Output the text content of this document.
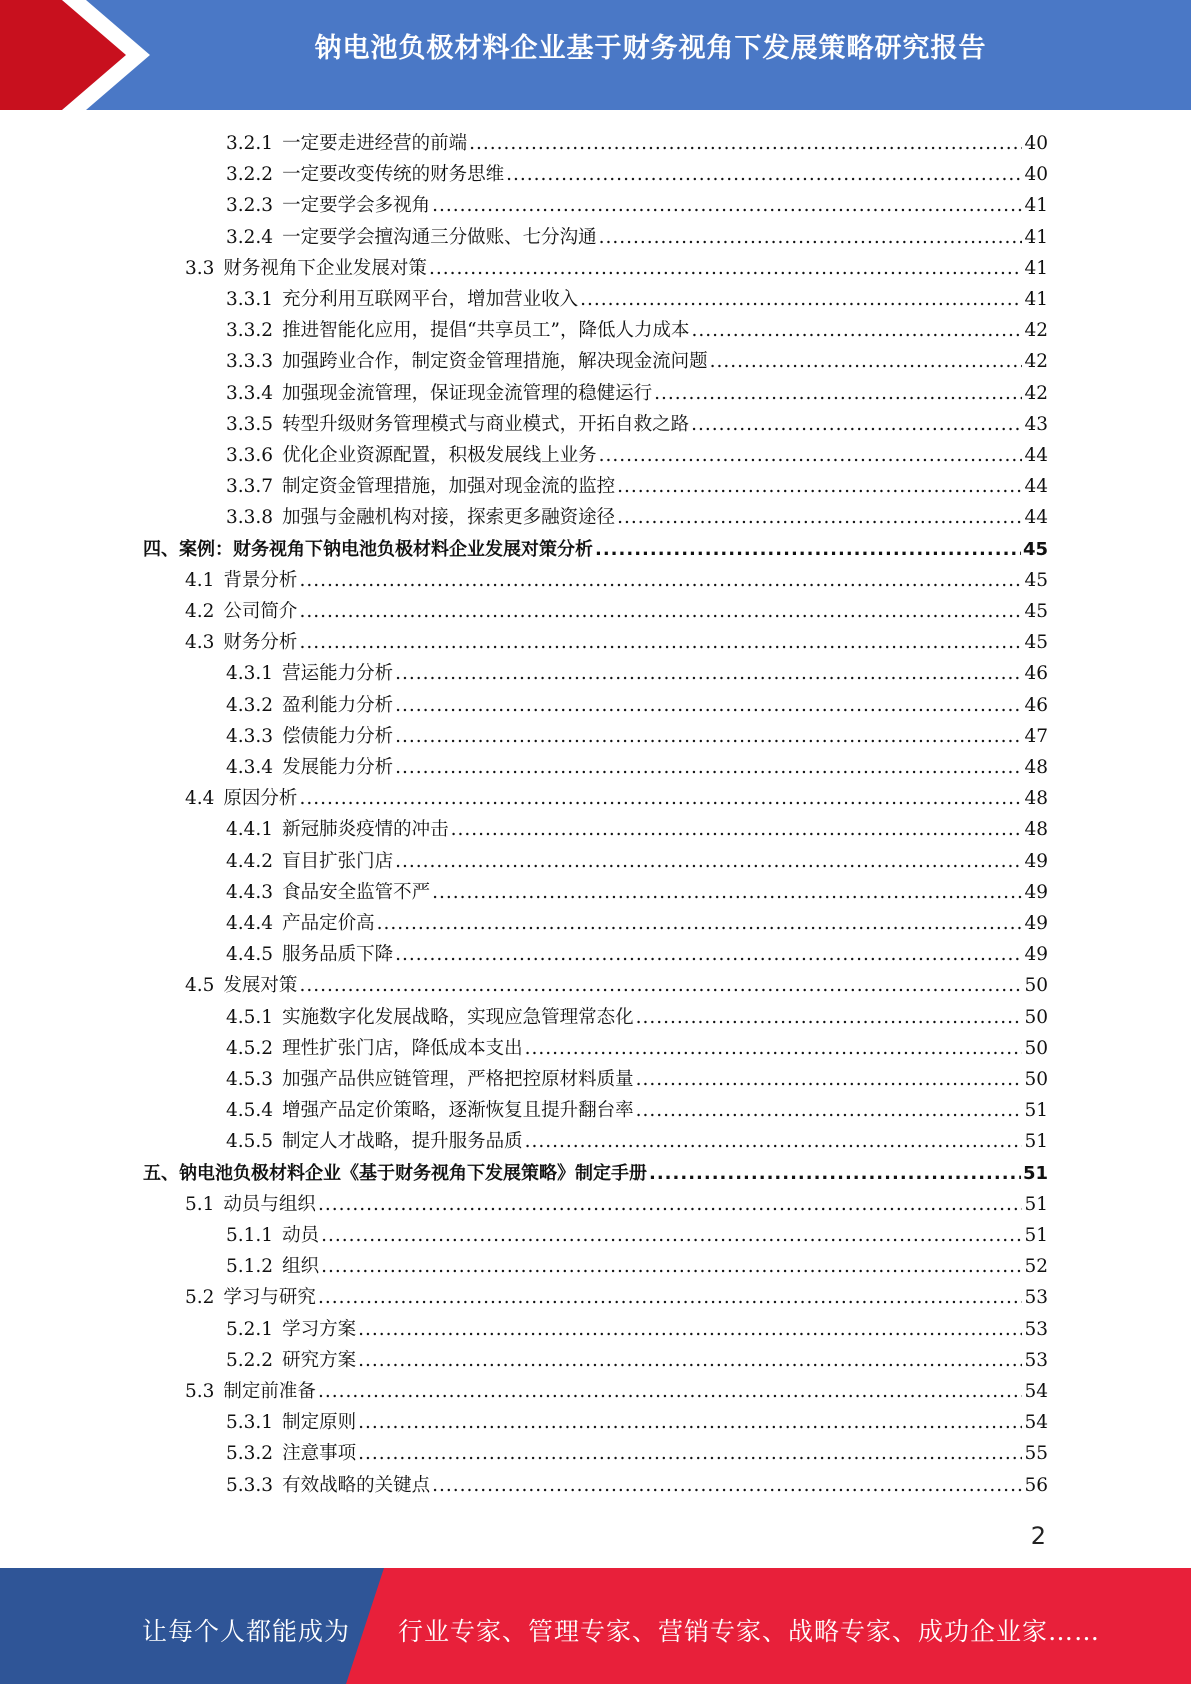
钠电池负极材料企业基于财务视角下发展策略研究报告
3.2.1 一定要走进经营的前端 .....	40
3.2.2 一定要改变传统的财务思维 .....	40
3.2.3 一定要学会多视角 .....	41
3.2.4 一定要学会擅沟通三分做账、七分沟通 .....	41
3.3 财务视角下企业发展对策 .....	41
3.3.1 充分利用互联网平台，增加营业收入 .....	41
3.3.2 推进智能化应用，提倡“共享员工”，降低人力成本 .....	42
3.3.3 加强跨业合作，制定资金管理措施，解决现金流问题 .....	42
3.3.4 加强现金流管理，保证现金流管理的稳健运行 .....	42
3.3.5 转型升级财务管理模式与商业模式，开拓自救之路 .....	43
3.3.6 优化企业资源配置，积极发展线上业务 .....	44
3.3.7 制定资金管理措施，加强对现金流的监控 .....	44
3.3.8 加强与金融机构对接，探索更多融资途径 .....	44
四、案例：财务视角下钠电池负极材料企业发展对策分析 .....	45
4.1 背景分析 .....	45
4.2 公司简介 .....	45
4.3 财务分析 .....	45
4.3.1 营运能力分析 .....	46
4.3.2 盈利能力分析 .....	46
4.3.3 偿债能力分析 .....	47
4.3.4 发展能力分析 .....	48
4.4 原因分析 .....	48
4.4.1 新冠肺炎疫情的冲击 .....	48
4.4.2 盲目扩张门店 .....	49
4.4.3 食品安全监管不严 .....	49
4.4.4 产品定价高 .....	49
4.4.5 服务品质下降 .....	49
4.5 发展对策 .....	50
4.5.1 实施数字化发展战略，实现应急管理常态化 .....	50
4.5.2 理性扩张门店，降低成本支出 .....	50
4.5.3 加强产品供应链管理，严格把控原材料质量 .....	50
4.5.4 增强产品定价策略，逐渐恢复且提升翻台率 .....	51
4.5.5 制定人才战略，提升服务品质 .....	51
五、钠电池负极材料企业《基于财务视角下发展策略》制定手册 .....	51
5.1 动员与组织 .....	51
5.1.1 动员 .....	51
5.1.2 组织 .....	52
5.2 学习与研究 .....	53
5.2.1 学习方案 .....	53
5.2.2 研究方案 .....	53
5.3 制定前准备 .....	54
5.3.1 制定原则 .....	54
5.3.2 注意事项 .....	55
5.3.3 有效战略的关键点 .....	56
2
让每个人都能成为 行业专家、管理专家、营销专家、战略专家、成功企业家……
